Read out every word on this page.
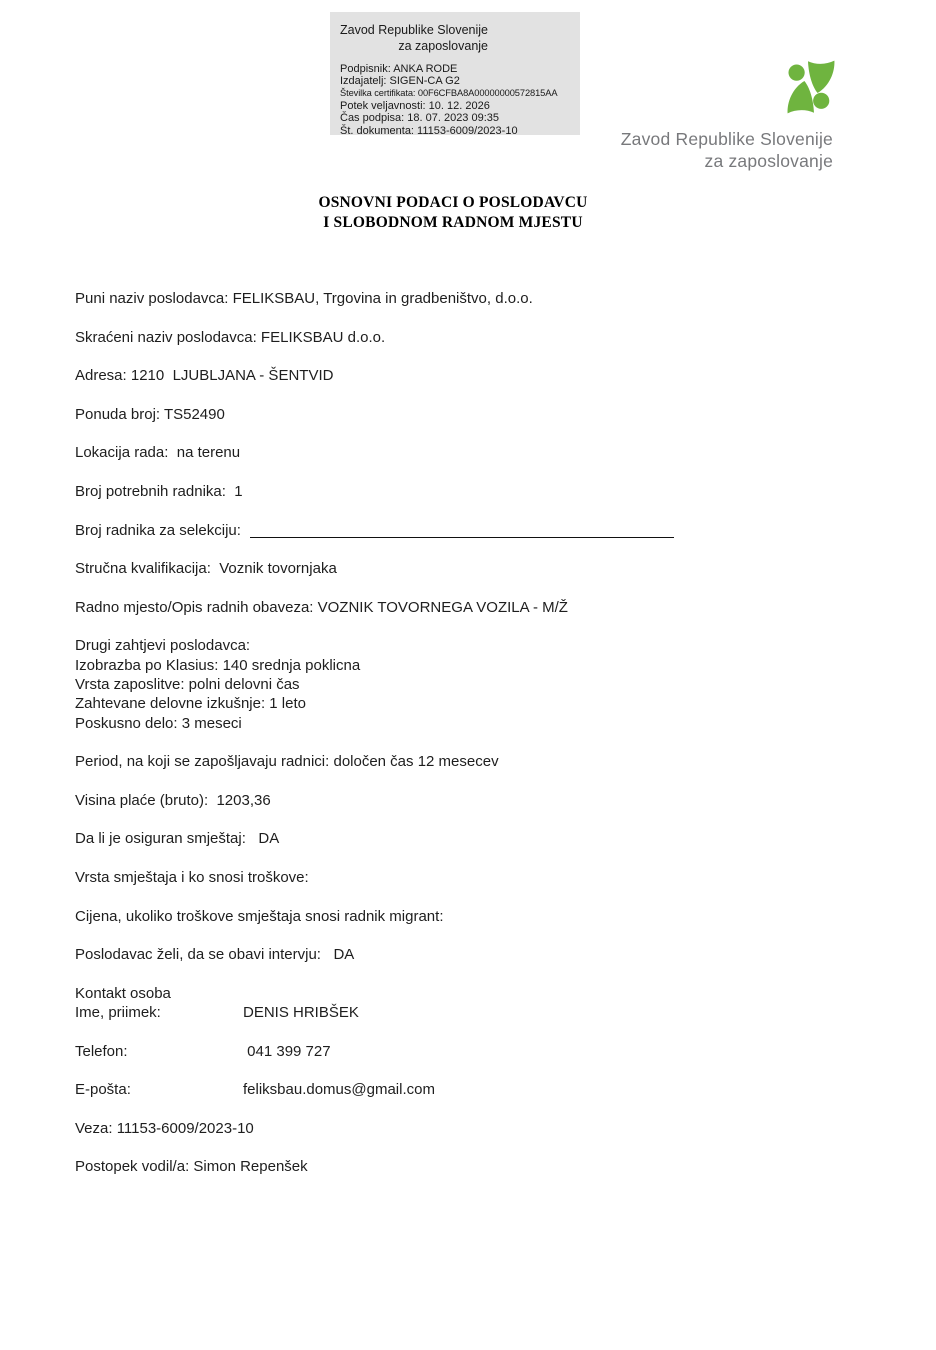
Zavod Republike Slovenije
za zaposlovanje
Podpisnik: ANKA RODE
Izdajatelj: SIGEN-CA G2
Številka certifikata: 00F6CFBA8A00000000572815AA
Potek veljavnosti: 10. 12. 2026
Čas podpisa: 18. 07. 2023 09:35
Št. dokumenta: 11153-6009/2023-10	Zavod Republike Slovenije
za zaposlovanje
OSNOVNI PODACI O POSLODAVCU
I SLOBODNOM RADNOM MJESTU

Puni naziv poslodavca: FELIKSBAU, Trgovina in gradbeništvo, d.o.o.

Skraćeni naziv poslodavca: FELIKSBAU d.o.o.

Adresa: 1210  LJUBLJANA - ŠENTVID

Ponuda broj: TS52490

Lokacija rada:  na terenu

Broj potrebnih radnika:  1

Broj radnika za selekciju:

Stručna kvalifikacija:  Voznik tovornjaka

Radno mjesto/Opis radnih obaveza: VOZNIK TOVORNEGA VOZILA - M/Ž

Drugi zahtjevi poslodavca:
Izobrazba po Klasius: 140 srednja poklicna
Vrsta zaposlitve: polni delovni čas
Zahtevane delovne izkušnje: 1 leto
Poskusno delo: 3 meseci

Period, na koji se zapošljavaju radnici: določen čas 12 mesecev

Visina plaće (bruto):  1203,36

Da li je osiguran smještaj:   DA

Vrsta smještaja i ko snosi troškove:

Cijena, ukoliko troškove smještaja snosi radnik migrant:

Poslodavac želi, da se obavi intervju:   DA

Kontakt osoba
Ime, priimek:	DENIS HRIBŠEK

Telefon:	041 399 727

E-pošta:	feliksbau.domus@gmail.com

Veza: 11153-6009/2023-10

Postopek vodil/a: Simon Repenšek
